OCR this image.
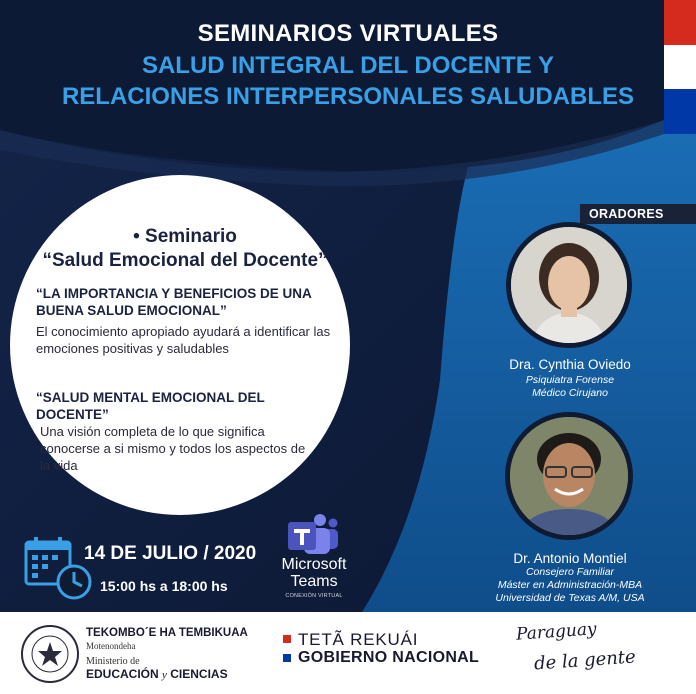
SEMINARIOS VIRTUALES
SALUD INTEGRAL DEL DOCENTE Y
RELACIONES INTERPERSONALES SALUDABLES
• Seminario
“Salud Emocional del Docente”
“LA IMPORTANCIA Y BENEFICIOS DE UNA BUENA SALUD EMOCIONAL”
El conocimiento apropiado ayudará a identificar las emociones positivas y saludables
“SALUD MENTAL EMOCIONAL DEL DOCENTE”
Una visión completa de lo que significa conocerse a si mismo y todos los aspectos de la vida
ORADORES
Dra. Cynthia Oviedo
Psiquiatra Forense
Médico Cirujano
Dr. Antonio Montiel
Consejero Familiar
Máster en Administración-MBA
Universidad de Texas A/M, USA
14 DE JULIO / 2020
15:00 hs a 18:00 hs
Microsoft
Teams
CONEXIÓN VIRTUAL
TEKOMBO´E HA TEMBIKUAA
Motenondeha
Ministerio de
EDUCACIÓN y CIENCIAS
TETÃ REKUÁI
GOBIERNO NACIONAL
Paraguay
de la gente
